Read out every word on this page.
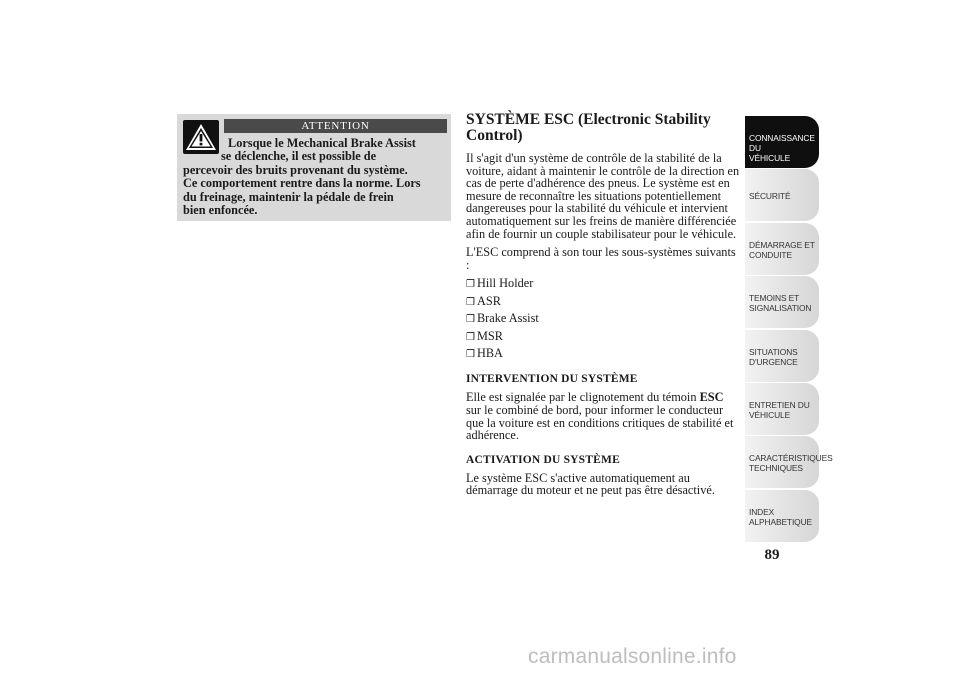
ATTENTION
Lorsque le Mechanical Brake Assist
se déclenche, il est possible de
percevoir des bruits provenant du système.
Ce comportement rentre dans la norme. Lors
du freinage, maintenir la pédale de frein
bien enfoncée.
SYSTÈME ESC (Electronic Stability
Control)

Il s'agit d'un système de contrôle de la stabilité de la voiture, aidant à maintenir le contrôle de la direction en cas de perte d'adhérence des pneus. Le système est en mesure de reconnaître les situations potentiellement dangereuses pour la stabilité du véhicule et intervient automatiquement sur les freins de manière différenciée afin de fournir un couple stabilisateur pour le véhicule.

L'ESC comprend à son tour les sous-systèmes suivants :

❒ Hill Holder
❒ ASR
❒ Brake Assist
❒ MSR
❒ HBA
INTERVENTION DU SYSTÈME

Elle est signalée par le clignotement du témoin ESC sur le combiné de bord, pour informer le conducteur que la voiture est en conditions critiques de stabilité et adhérence.

ACTIVATION DU SYSTÈME

Le système ESC s'active automatiquement au démarrage du moteur et ne peut pas être désactivé.

CONNAISSANCE DU
VÉHICULE
SÉCURITÉ
DÉMARRAGE ET
CONDUITE
TEMOINS ET
SIGNALISATION
SITUATIONS
D'URGENCE
ENTRETIEN DU
VÉHICULE
CARACTÉRISTIQUES
TECHNIQUES
INDEX
ALPHABETIQUE
89
carmanualsonline.info
